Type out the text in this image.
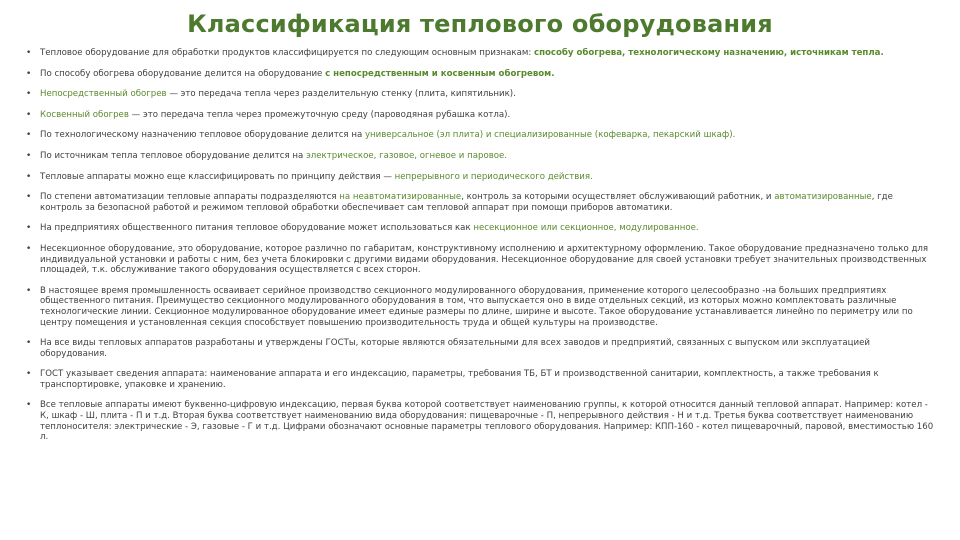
Классификация теплового оборудования
• Тепловое оборудование для обработки продуктов классифицируется по следующим основным признакам: способу обогрева, технологическому назначению, источникам тепла.
• По способу обогрева оборудование делится на оборудование с непосредственным и косвенным обогревом.
• Непосредственный обогрев — это передача тепла через разделительную стенку (плита, кипятильник).
• Косвенный обогрев — это передача тепла через промежуточную среду (пароводяная рубашка котла).
• По технологическому назначению тепловое оборудование делится на универсальное (эл плита) и специализированные (кофеварка, пекарский шкаф).
• По источникам тепла тепловое оборудование делится на электрическое, газовое, огневое и паровое.
• Тепловые аппараты можно еще классифицировать по принципу действия — непрерывного и периодического действия.
• По степени автоматизации тепловые аппараты подразделяются на неавтоматизированные, контроль за которыми осуществляет обслуживающий работник, и автоматизированные, где контроль за безопасной работой и режимом тепловой обработки обеспечивает сам тепловой аппарат при помощи приборов автоматики.
• На предприятиях общественного питания тепловое оборудование может использоваться как несекционное или секционное, модулированное.
• Несекционное оборудование, это оборудование, которое различно по габаритам, конструктивному исполнению и архитектурному оформлению. Такое оборудование предназначено только для индивидуальной установки и работы с ним, без учета блокировки с другими видами оборудования. Несекционное оборудование для своей установки требует значительных производственных площадей, т.к. обслуживание такого оборудования осуществляется с всех сторон.
• В настоящее время промышленность осваивает серийное производство секционного модулированного оборудования, применение которого целесообразно -на больших предприятиях общественного питания. Преимущество секционного модулированного оборудования в том, что выпускается оно в виде отдельных секций, из которых можно комплектовать различные технологические линии. Секционное модулированное оборудование имеет единые размеры по длине, ширине и высоте. Такое оборудование устанавливается линейно по периметру или по центру помещения и установленная секция способствует повышению производительность труда и общей культуры на производстве.
• На все виды тепловых аппаратов разработаны и утверждены ГОСТы, которые являются обязательными для всех заводов и предприятий, связанных с выпуском или эксплуатацией оборудования.
• ГОСТ указывает сведения аппарата: наименование аппарата и его индексацию, параметры, требования ТБ, БТ и производственной санитарии, комплектность, а также требования к транспортировке, упаковке и хранению.
• Все тепловые аппараты имеют буквенно-цифровую индексацию, первая буква которой соответствует наименованию группы, к которой относится данный тепловой аппарат. Например: котел - К, шкаф - Ш, плита - П и т.д. Вторая буква соответствует наименованию вида оборудования: пищеварочные - П, непрерывного действия - Н и т.д. Третья буква соответствует наименованию теплоносителя: электрические - Э, газовые - Г и т.д. Цифрами обозначают основные параметры теплового оборудования. Например: КПП-160 - котел пищеварочный, паровой, вместимостью 160 л.
